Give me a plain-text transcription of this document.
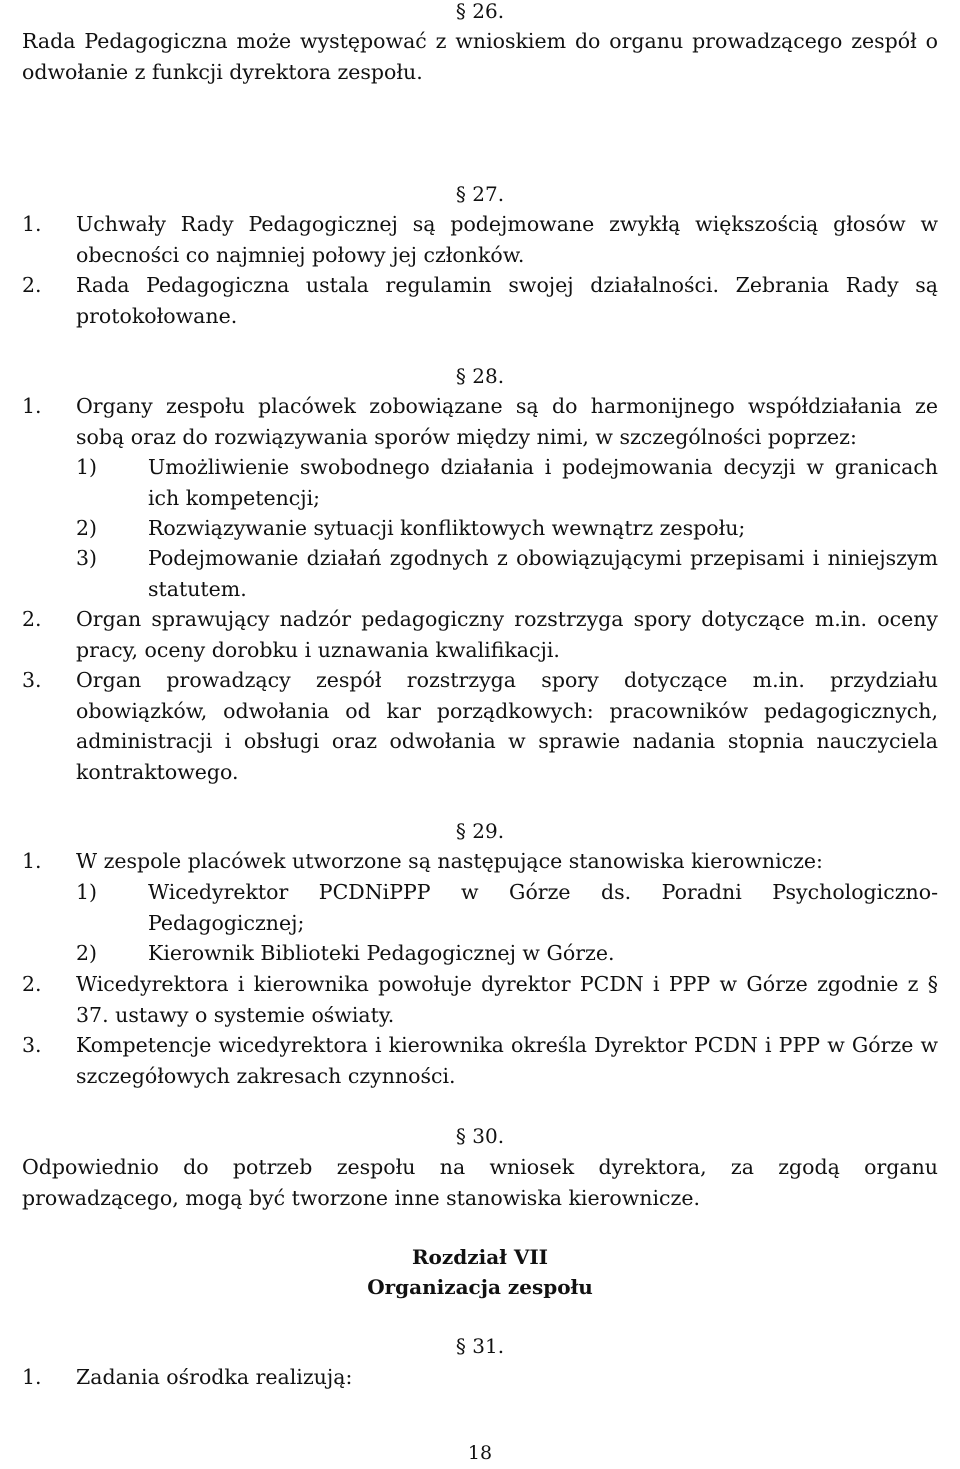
§ 26.
Rada Pedagogiczna może występować z wnioskiem do organu prowadzącego zespół o odwołanie z funkcji dyrektora zespołu.
§ 27.
1. Uchwały Rady Pedagogicznej są podejmowane zwykłą większością głosów w obecności co najmniej połowy jej członków.
2. Rada Pedagogiczna ustala regulamin swojej działalności. Zebrania Rady są protokołowane.
§ 28.
1. Organy zespołu placówek zobowiązane są do harmonijnego współdziałania ze sobą oraz do rozwiązywania sporów między nimi, w szczególności poprzez:
1) Umożliwienie swobodnego działania i podejmowania decyzji w granicach ich kompetencji;
2) Rozwiązywanie sytuacji konfliktowych wewnątrz zespołu;
3) Podejmowanie działań zgodnych z obowiązującymi przepisami i niniejszym statutem.
2. Organ sprawujący nadzór pedagogiczny rozstrzyga spory dotyczące m.in. oceny pracy, oceny dorobku i uznawania kwalifikacji.
3. Organ prowadzący zespół rozstrzyga spory dotyczące m.in. przydziału obowiązków, odwołania od kar porządkowych: pracowników pedagogicznych, administracji i obsługi oraz odwołania w sprawie nadania stopnia nauczyciela kontraktowego.
§ 29.
1. W zespole placówek utworzone są następujące stanowiska kierownicze:
1) Wicedyrektor PCDNiPPP w Górze ds. Poradni Psychologiczno-Pedagogicznej;
2) Kierownik Biblioteki Pedagogicznej w Górze.
2. Wicedyrektora i kierownika powołuje dyrektor PCDN i PPP w Górze zgodnie z § 37. ustawy o systemie oświaty.
3. Kompetencje wicedyrektora i kierownika określa Dyrektor PCDN i PPP w Górze w szczegółowych zakresach czynności.
§ 30.
Odpowiednio do potrzeb zespołu na wniosek dyrektora, za zgodą organu prowadzącego, mogą być tworzone inne stanowiska kierownicze.
Rozdział VII
Organizacja zespołu
§ 31.
1. Zadania ośrodka realizują:
18
